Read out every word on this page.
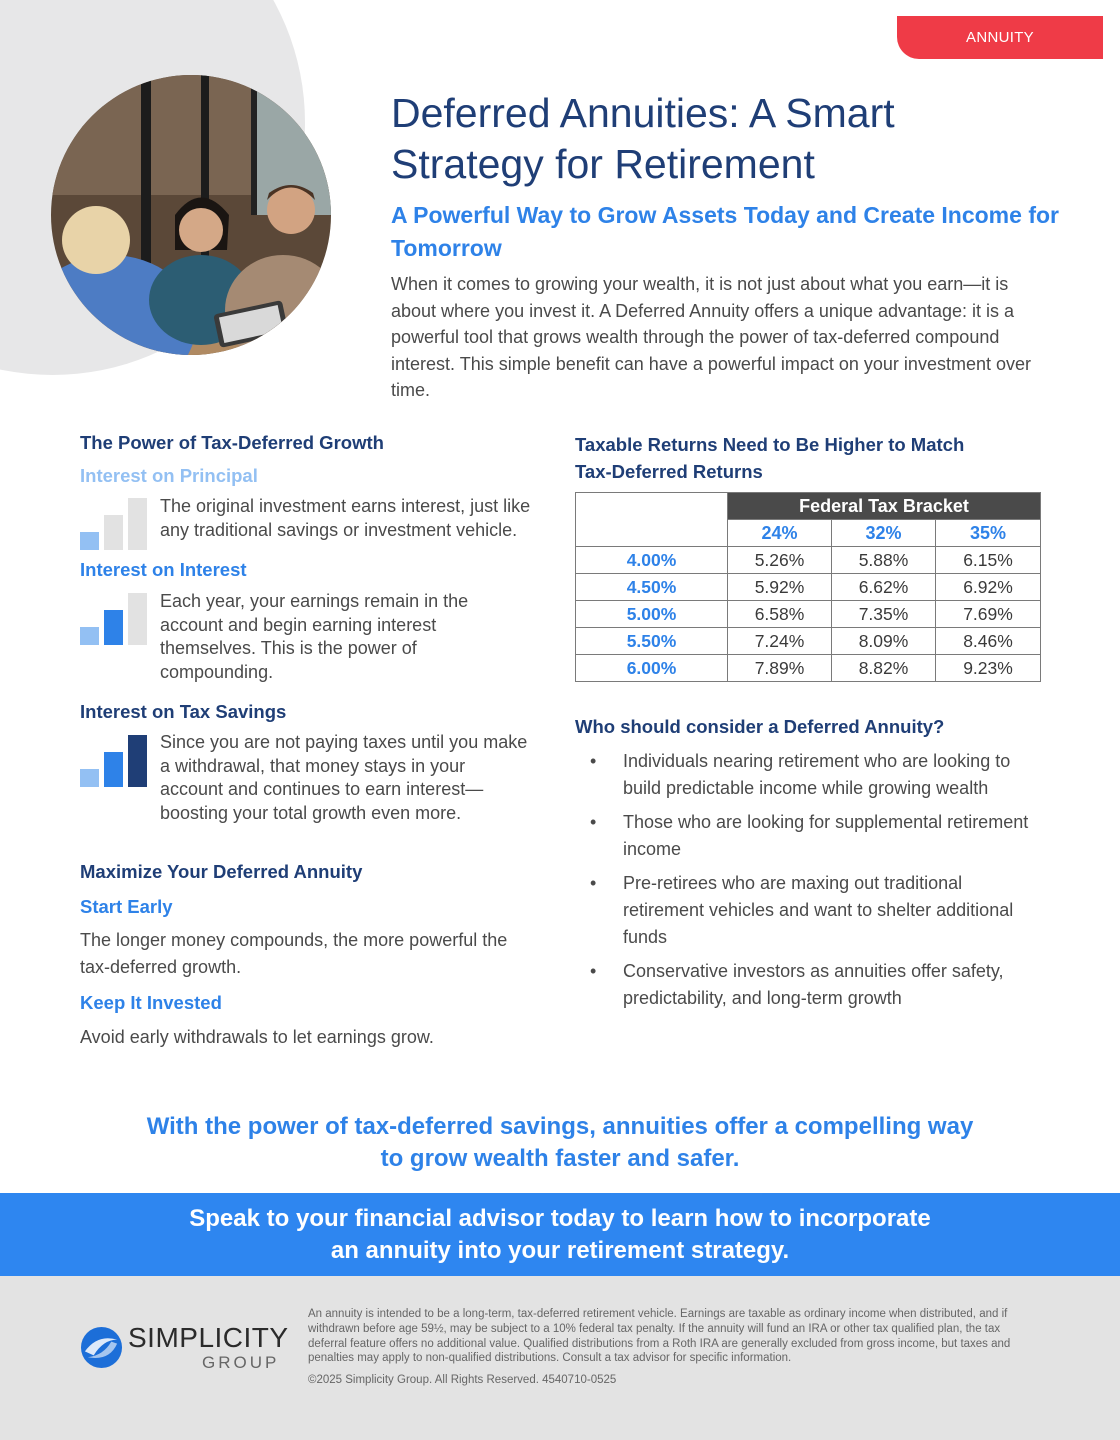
ANNUITY
Deferred Annuities: A Smart Strategy for Retirement
A Powerful Way to Grow Assets Today and Create Income for Tomorrow

When it comes to growing your wealth, it is not just about what you earn—it is about where you invest it. A Deferred Annuity offers a unique advantage: it is a powerful tool that grows wealth through the power of tax-deferred compound interest. This simple benefit can have a powerful impact on your investment over time.

The Power of Tax-Deferred Growth
Interest on Principal

The original investment earns interest, just like any traditional savings or investment vehicle.

Interest on Interest

Each year, your earnings remain in the account and begin earning interest themselves. This is the power of compounding.

Interest on Tax Savings

Since you are not paying taxes until you make a withdrawal, that money stays in your account and continues to earn interest—boosting your total growth even more.

Maximize Your Deferred Annuity
Start Early

The longer money compounds, the more powerful the tax-deferred growth.

Keep It Invested

Avoid early withdrawals to let earnings grow.

Taxable Returns Need to Be Higher to Match Tax-Deferred Returns
	Federal Tax Bracket		
	24%	32%	35%
4.00%	5.26%	5.88%	6.15%
4.50%	5.92%	6.62%	6.92%
5.00%	6.58%	7.35%	7.69%
5.50%	7.24%	8.09%	8.46%
6.00%	7.89%	8.82%	9.23%
Who should consider a Deferred Annuity?
• Individuals nearing retirement who are looking to build predictable income while growing wealth
• Those who are looking for supplemental retirement income
• Pre-retirees who are maxing out traditional retirement vehicles and want to shelter additional funds
• Conservative investors as annuities offer safety, predictability, and long-term growth

With the power of tax-deferred savings, annuities offer a compelling way
to grow wealth faster and safer.

Speak to your financial advisor today to learn how to incorporate
an annuity into your retirement strategy.

SIMPLICITY
GROUP

An annuity is intended to be a long-term, tax-deferred retirement vehicle. Earnings are taxable as ordinary income when distributed, and if withdrawn before age 59½, may be subject to a 10% federal tax penalty. If the annuity will fund an IRA or other tax qualified plan, the tax deferral feature offers no additional value. Qualified distributions from a Roth IRA are generally excluded from gross income, but taxes and penalties may apply to non-qualified distributions. Consult a tax advisor for specific information.

©2025 Simplicity Group. All Rights Reserved. 4540710-0525
